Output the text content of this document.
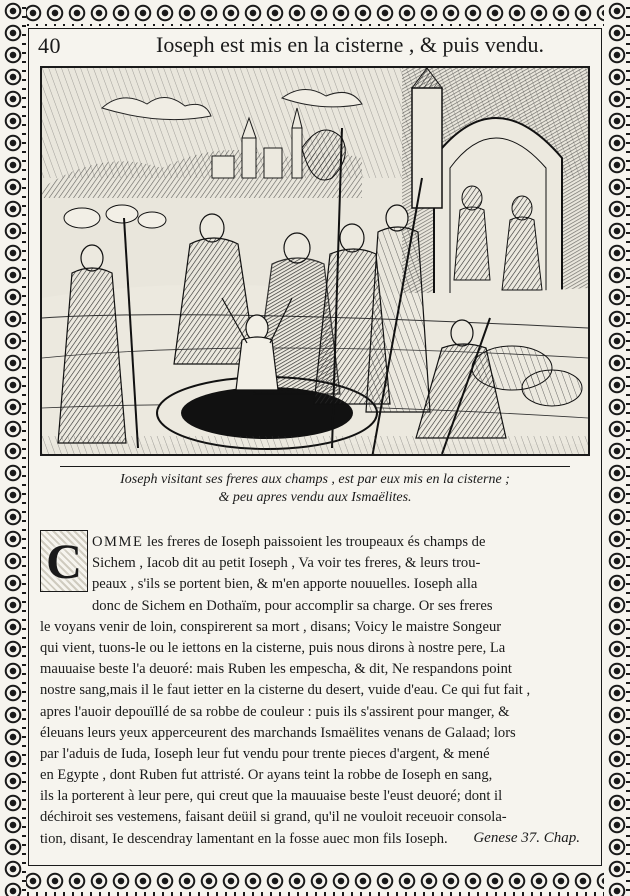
40	Ioseph est mis en la cisterne , & puis vendu.
Ioseph visitant ses freres aux champs , est par eux mis en la cisterne ;
& peu apres vendu aux Ismaëlites.
C OMME les freres de Ioseph paissoient les troupeaux és champs de
Sichem , Iacob dit au petit Ioseph , Va voir tes freres, & leurs trou-
peaux , s'ils se portent bien, & m'en apporte nouuelles. Ioseph alla
donc de Sichem en Dothaïm, pour accomplir sa charge. Or ses freres
le voyans venir de loin, conspirerent sa mort , disans; Voicy le maistre Songeur
qui vient, tuons-le ou le iettons en la cisterne, puis nous dirons à nostre pere, La
mauuaise beste l'a deuoré: mais Ruben les empescha, & dit, Ne respandons point
nostre sang,mais il le faut ietter en la cisterne du desert, vuide d'eau. Ce qui fut fait ,
apres l'auoir depouïllé de sa robbe de couleur : puis ils s'assirent pour manger, &
éleuans leurs yeux apperceurent des marchands Ismaëlites venans de Galaad; lors
par l'aduis de Iuda, Ioseph leur fut vendu pour trente pieces d'argent, & mené
en Egypte , dont Ruben fut attristé. Or ayans teint la robbe de Ioseph en sang,
ils la porterent à leur pere, qui creut que la mauuaise beste l'eust deuoré; dont il
déchiroit ses vestemens, faisant deüil si grand, qu'il ne vouloit receuoir consola-
tion, disant, Ie descendray lamentant en la fosse auec mon fils Ioseph.	Genese 37. Chap.
